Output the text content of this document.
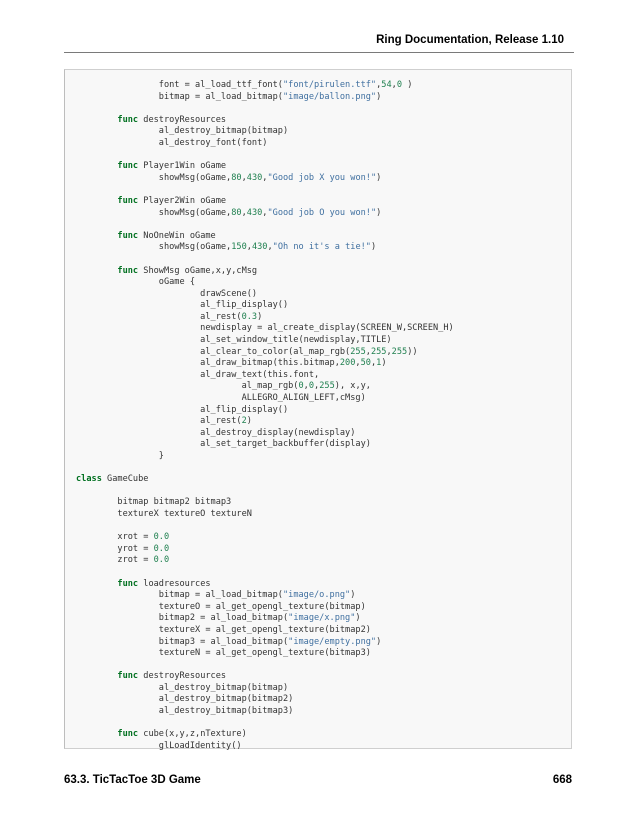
Ring Documentation, Release 1.10
font = al_load_ttf_font("font/pirulen.ttf",54,0 )
bitmap = al_load_bitmap("image/ballon.png")

func destroyResources
al_destroy_bitmap(bitmap)
al_destroy_font(font)

func Player1Win oGame
showMsg(oGame,80,430,"Good job X you won!")

func Player2Win oGame
showMsg(oGame,80,430,"Good job O you won!")

func NoOneWin oGame
showMsg(oGame,150,430,"Oh no it's a tie!")

func ShowMsg oGame,x,y,cMsg
oGame {
drawScene()
al_flip_display()
al_rest(0.3)
newdisplay = al_create_display(SCREEN_W,SCREEN_H)
al_set_window_title(newdisplay,TITLE)
al_clear_to_color(al_map_rgb(255,255,255))
al_draw_bitmap(this.bitmap,200,50,1)
al_draw_text(this.font,
al_map_rgb(0,0,255), x,y,
ALLEGRO_ALIGN_LEFT,cMsg)
al_flip_display()
al_rest(2)
al_destroy_display(newdisplay)
al_set_target_backbuffer(display)
}

class GameCube

bitmap bitmap2 bitmap3
textureX textureO textureN

xrot = 0.0
yrot = 0.0
zrot = 0.0

func loadresources
bitmap = al_load_bitmap("image/o.png")
textureO = al_get_opengl_texture(bitmap)
bitmap2 = al_load_bitmap("image/x.png")
textureX = al_get_opengl_texture(bitmap2)
bitmap3 = al_load_bitmap("image/empty.png")
textureN = al_get_opengl_texture(bitmap3)

func destroyResources
al_destroy_bitmap(bitmap)
al_destroy_bitmap(bitmap2)
al_destroy_bitmap(bitmap3)

func cube(x,y,z,nTexture)
glLoadIdentity()
63.3. TicTacToe 3D Game	668
